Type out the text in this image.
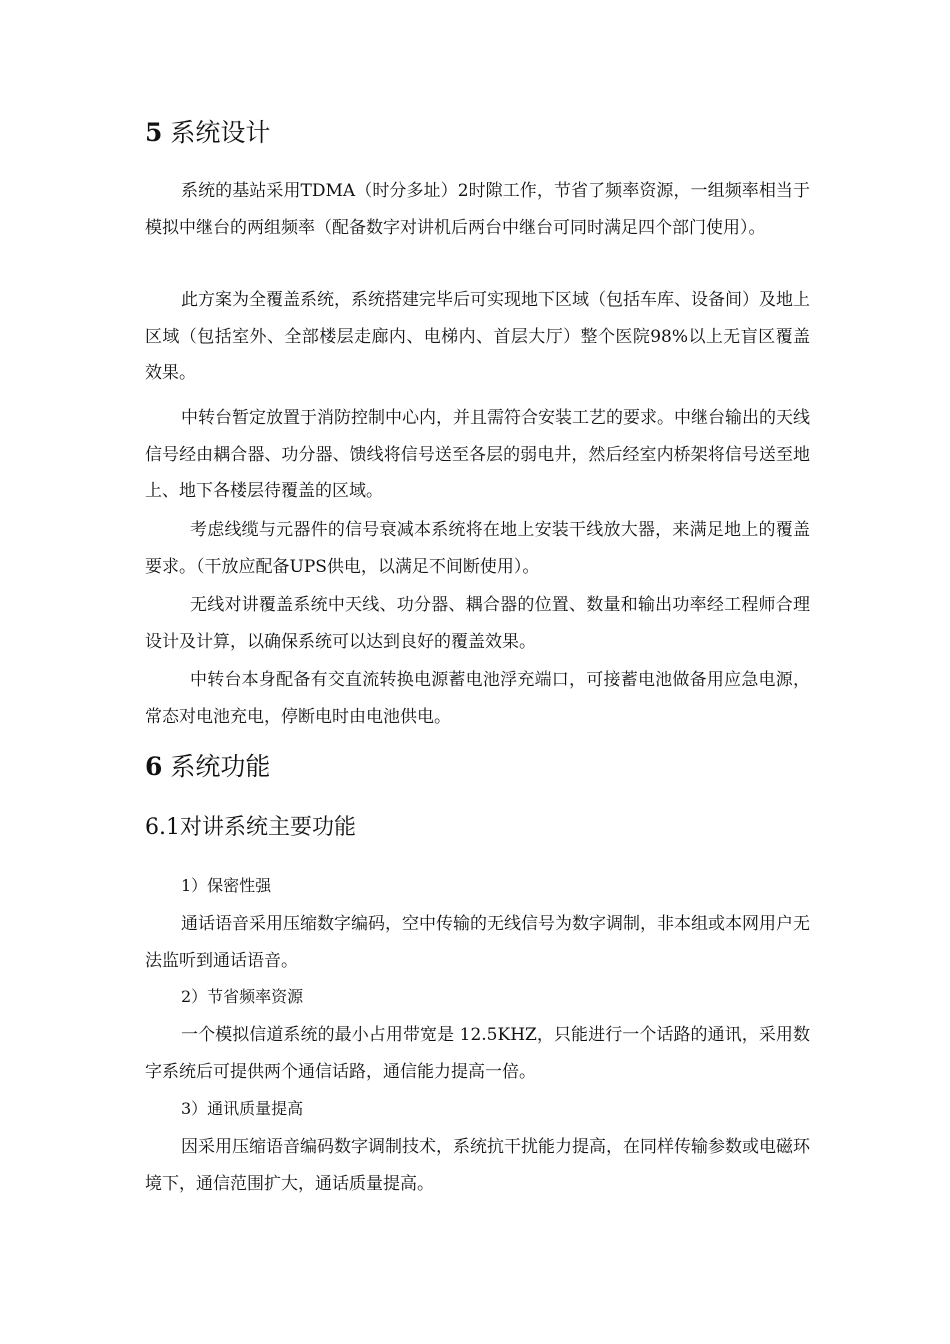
5 系统设计

系统的基站采用TDMA（时分多址）2时隙工作，节省了频率资源，一组频率相当于模拟中继台的两组频率（配备数字对讲机后两台中继台可同时满足四个部门使用）。

此方案为全覆盖系统，系统搭建完毕后可实现地下区域（包括车库、设备间）及地上区域（包括室外、全部楼层走廊内、电梯内、首层大厅）整个医院98%以上无盲区覆盖效果。

中转台暂定放置于消防控制中心内，并且需符合安装工艺的要求。中继台输出的天线信号经由耦合器、功分器、馈线将信号送至各层的弱电井，然后经室内桥架将信号送至地上、地下各楼层待覆盖的区域。

考虑线缆与元器件的信号衰减本系统将在地上安装干线放大器，来满足地上的覆盖要求。（干放应配备UPS供电，以满足不间断使用）。

无线对讲覆盖系统中天线、功分器、耦合器的位置、数量和输出功率经工程师合理设计及计算，以确保系统可以达到良好的覆盖效果。

中转台本身配备有交直流转换电源蓄电池浮充端口，可接蓄电池做备用应急电源，常态对电池充电，停断电时由电池供电。

6 系统功能
6.1对讲系统主要功能

1）保密性强

通话语音采用压缩数字编码，空中传输的无线信号为数字调制，非本组或本网用户无法监听到通话语音。

2）节省频率资源

一个模拟信道系统的最小占用带宽是 12.5KHZ，只能进行一个话路的通讯，采用数字系统后可提供两个通信话路，通信能力提高一倍。

3）通讯质量提高

因采用压缩语音编码数字调制技术，系统抗干扰能力提高，在同样传输参数或电磁环境下，通信范围扩大，通话质量提高。
